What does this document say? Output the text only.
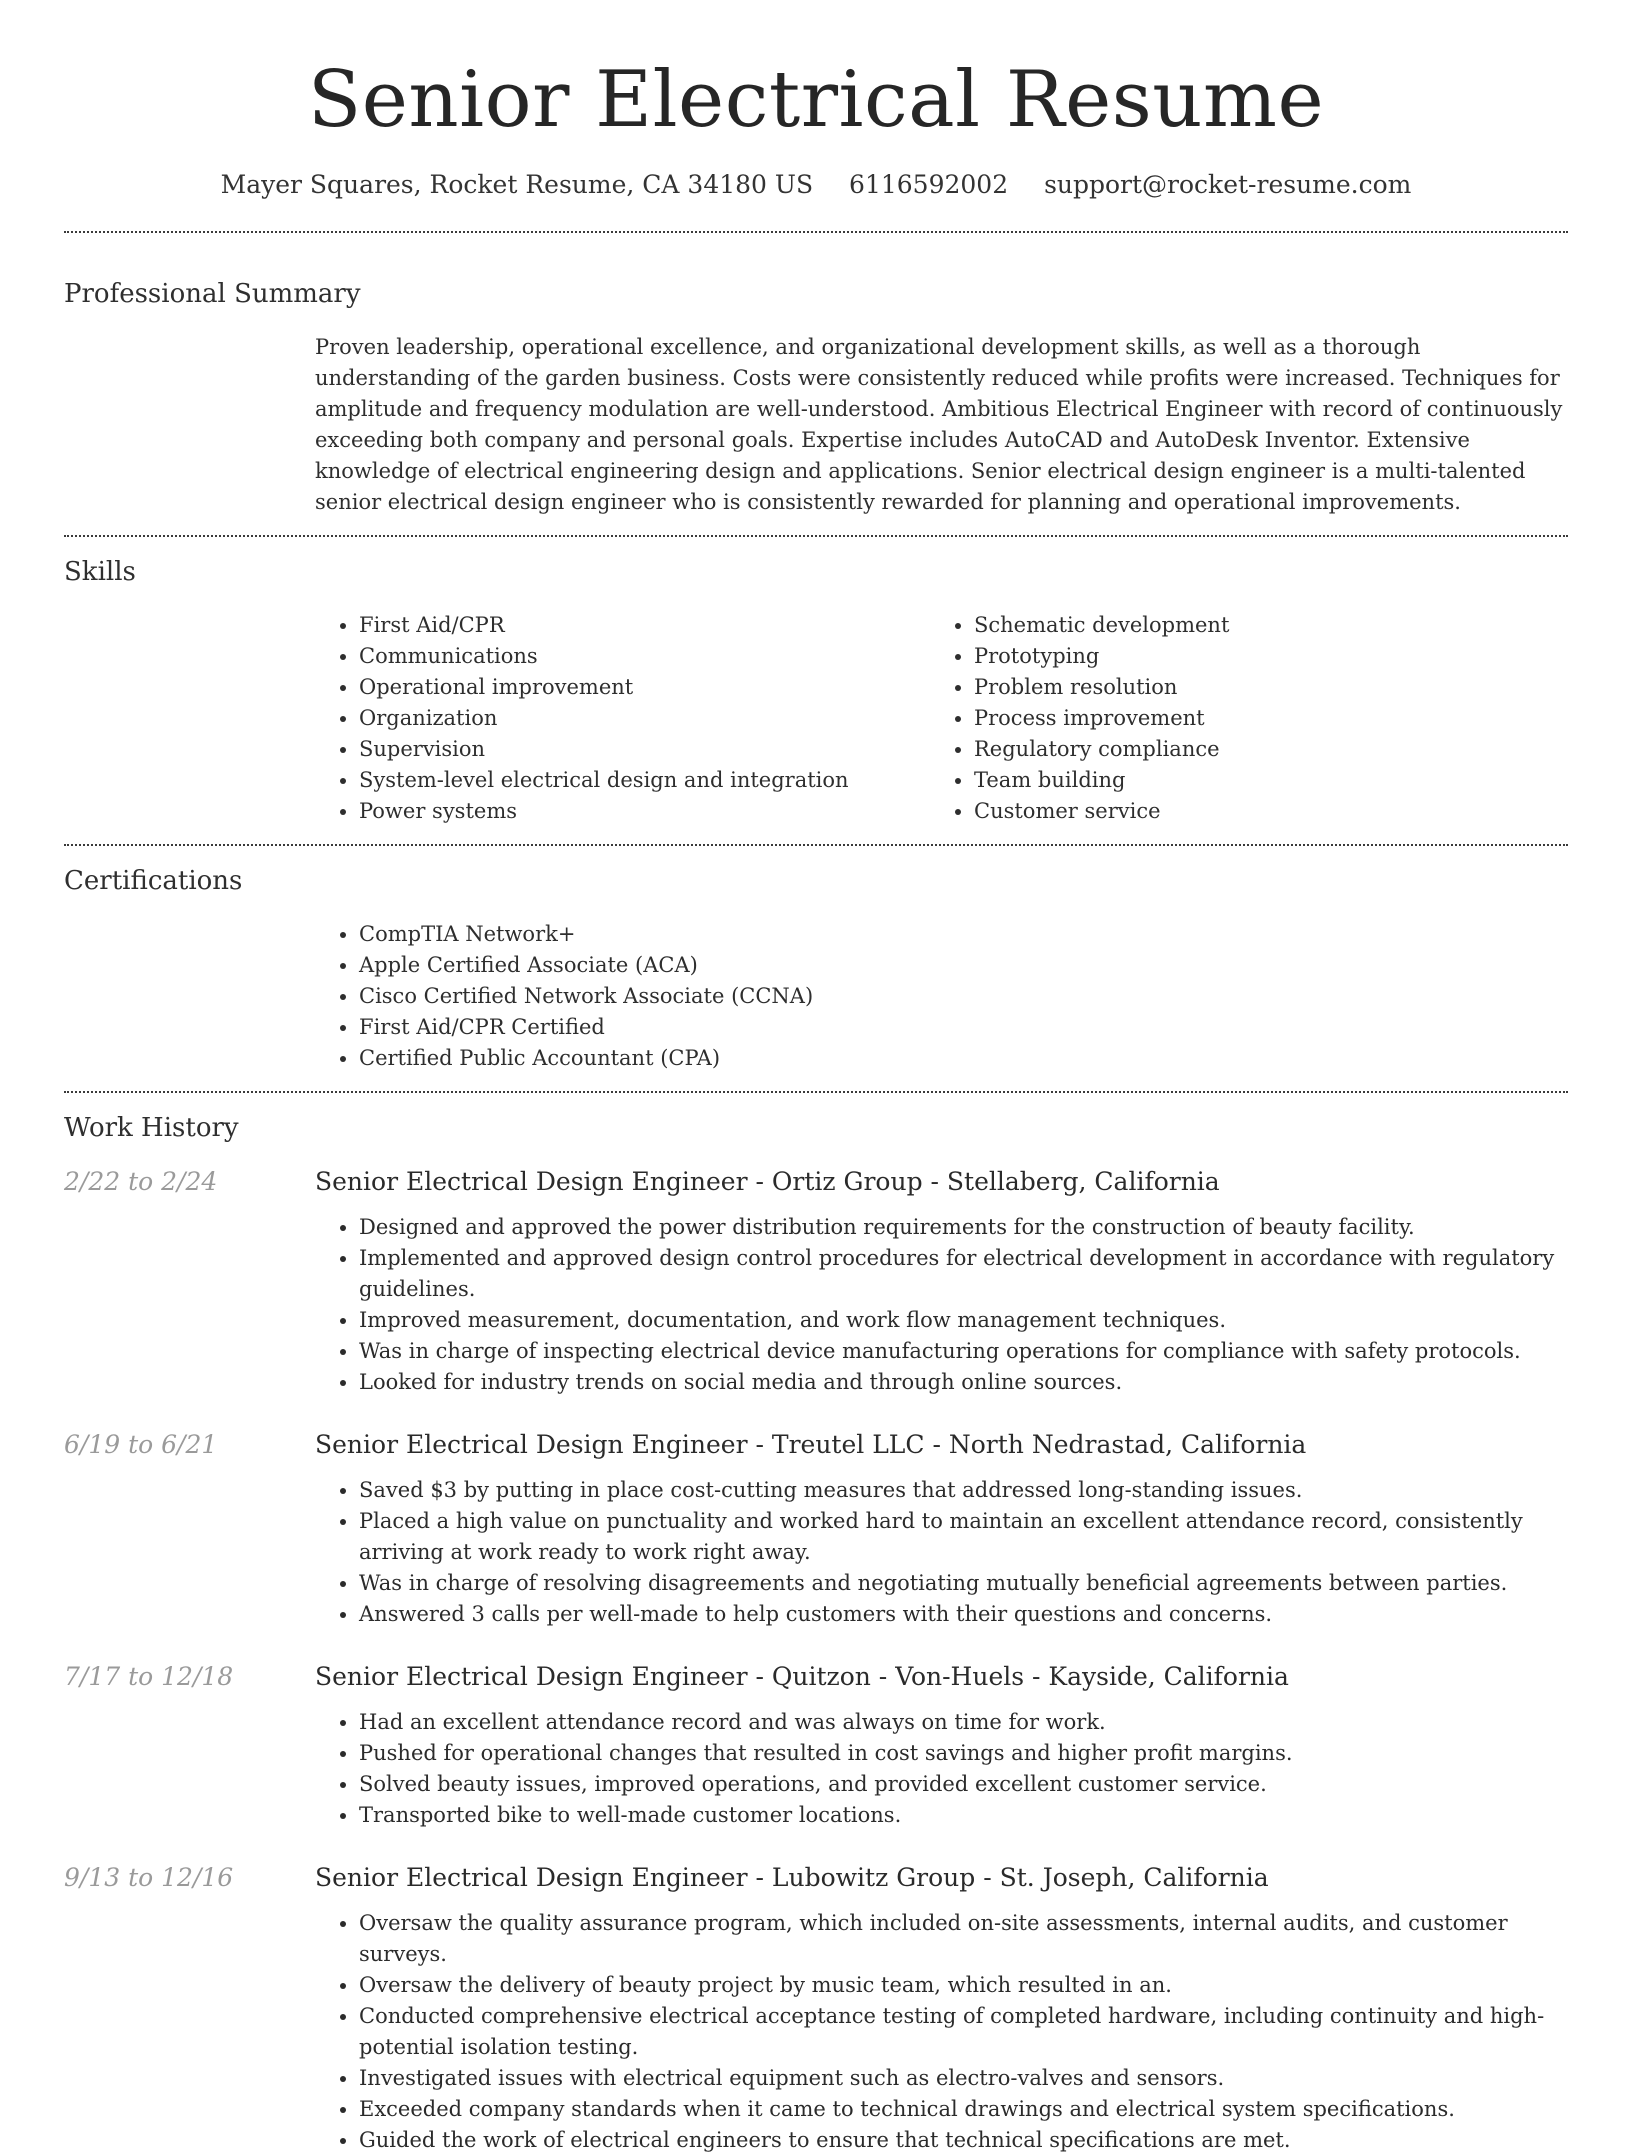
Senior Electrical Resume
Mayer Squares, Rocket Resume, CA 34180 US 6116592002 support@rocket-resume.com
Professional Summary

Proven leadership, operational excellence, and organizational development skills, as well as a thorough understanding of the garden business. Costs were consistently reduced while profits were increased. Techniques for amplitude and frequency modulation are well-understood. Ambitious Electrical Engineer with record of continuously exceeding both company and personal goals. Expertise includes AutoCAD and AutoDesk Inventor. Extensive knowledge of electrical engineering design and applications. Senior electrical design engineer is a multi-talented senior electrical design engineer who is consistently rewarded for planning and operational improvements.

Skills
• First Aid/CPR
• Communications
• Operational improvement
• Organization
• Supervision
• System-level electrical design and integration
• Power systems
• Schematic development
• Prototyping
• Problem resolution
• Process improvement
• Regulatory compliance
• Team building
• Customer service
Certifications
• CompTIA Network+
• Apple Certified Associate (ACA)
• Cisco Certified Network Associate (CCNA)
• First Aid/CPR Certified
• Certified Public Accountant (CPA)
Work History
2/22 to 2/24	Senior Electrical Design Engineer - Ortiz Group - Stellaberg, California
• Designed and approved the power distribution requirements for the construction of beauty facility.
• Implemented and approved design control procedures for electrical development in accordance with regulatory guidelines.
• Improved measurement, documentation, and work flow management techniques.
• Was in charge of inspecting electrical device manufacturing operations for compliance with safety protocols.
• Looked for industry trends on social media and through online sources.
6/19 to 6/21	Senior Electrical Design Engineer - Treutel LLC - North Nedrastad, California
• Saved $3 by putting in place cost-cutting measures that addressed long-standing issues.
• Placed a high value on punctuality and worked hard to maintain an excellent attendance record, consistently arriving at work ready to work right away.
• Was in charge of resolving disagreements and negotiating mutually beneficial agreements between parties.
• Answered 3 calls per well-made to help customers with their questions and concerns.
7/17 to 12/18	Senior Electrical Design Engineer - Quitzon - Von-Huels - Kayside, California
• Had an excellent attendance record and was always on time for work.
• Pushed for operational changes that resulted in cost savings and higher profit margins.
• Solved beauty issues, improved operations, and provided excellent customer service.
• Transported bike to well-made customer locations.
9/13 to 12/16	Senior Electrical Design Engineer - Lubowitz Group - St. Joseph, California
• Oversaw the quality assurance program, which included on-site assessments, internal audits, and customer surveys.
• Oversaw the delivery of beauty project by music team, which resulted in an.
• Conducted comprehensive electrical acceptance testing of completed hardware, including continuity and high-potential isolation testing.
• Investigated issues with electrical equipment such as electro-valves and sensors.
• Exceeded company standards when it came to technical drawings and electrical system specifications.
• Guided the work of electrical engineers to ensure that technical specifications are met.
